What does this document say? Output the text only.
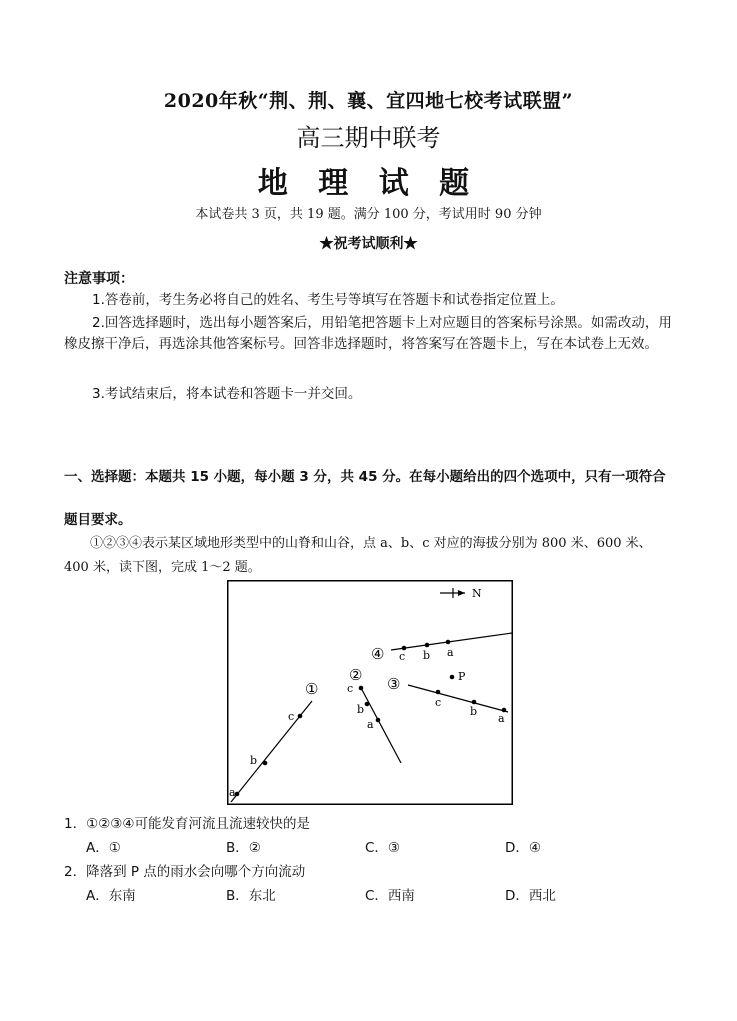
2020年秋“荆、荆、襄、宜四地七校考试联盟”
高三期中联考
地 理 试 题
本试卷共 3 页，共 19 题。满分 100 分，考试用时 90 分钟
★祝考试顺利★
注意事项：
1.答卷前，考生务必将自己的姓名、考生号等填写在答题卡和试卷指定位置上。
2.回答选择题时，选出每小题答案后，用铅笔把答题卡上对应题目的答案标号涂黑。如需改动，用橡皮擦干净后，再选涂其他答案标号。回答非选择题时，将答案写在答题卡上，写在本试卷上无效。
3.考试结束后，将本试卷和答题卡一并交回。
一、选择题：本题共 15 小题，每小题 3 分，共 45 分。在每小题给出的四个选项中，只有一项符合题目要求。
①②③④表示某区域地形类型中的山脊和山谷，点 a、b、c 对应的海拔分别为 800 米、600 米、400 米，读下图，完成 1～2 题。
N
a
b
c
①	c
b
a
②
c
b
a
③
c b a
④
P
1．①②③④可能发育河流且流速较快的是
A．①	B．②	C．③	D．④
2．降落到 P 点的雨水会向哪个方向流动
A．东南	B．东北	C．西南	D．西北
